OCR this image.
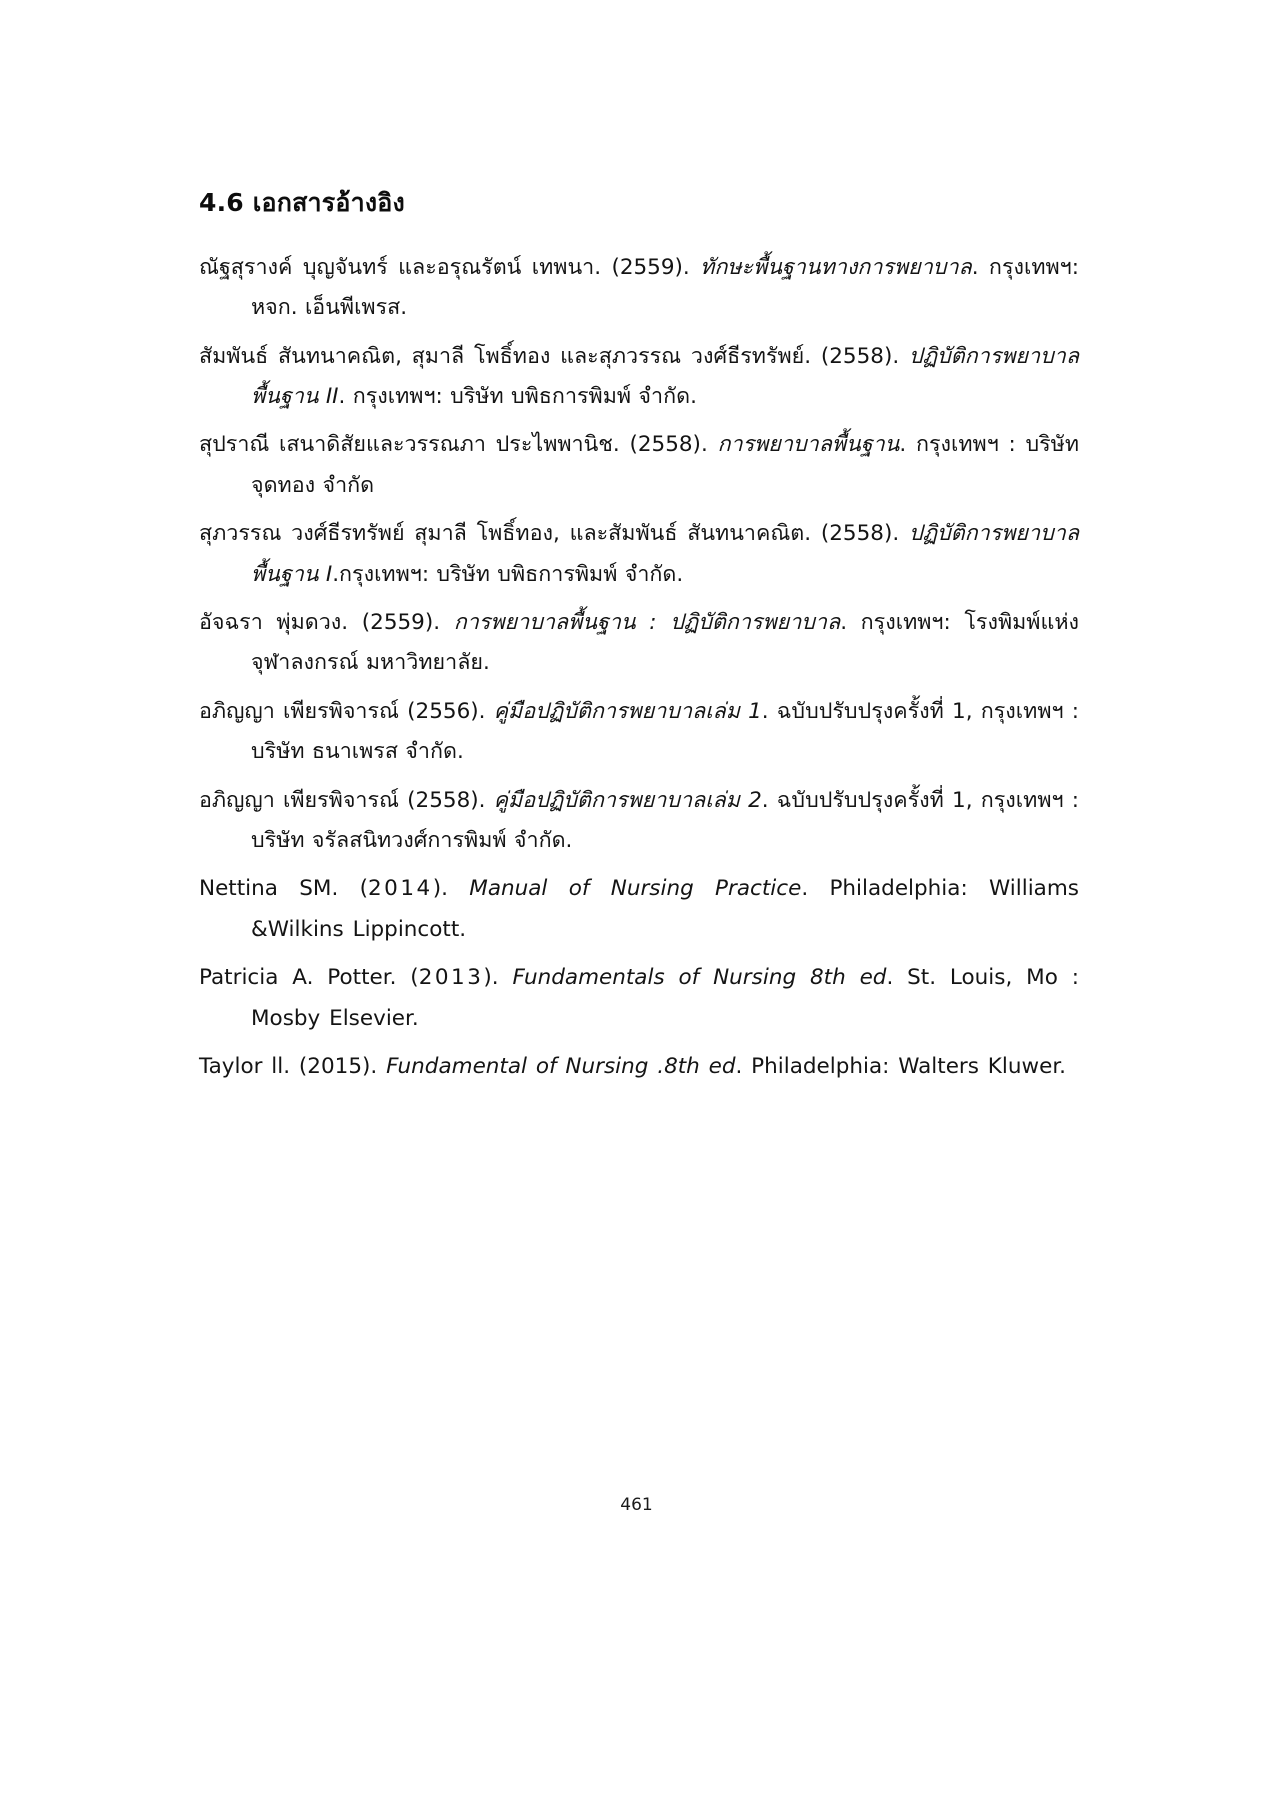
4.6 เอกสารอ้างอิง
ณัฐสุรางค์ บุญจันทร์ และอรุณรัตน์ เทพนา. (2559). ทักษะพื้นฐานทางการพยาบาล. กรุงเทพฯ: หจก. เอ็นพีเพรส.
สัมพันธ์ สันทนาคณิต, สุมาลี โพธิ์ทอง และสุภวรรณ วงศ์ธีรทรัพย์. (2558). ปฏิบัติการพยาบาลพื้นฐาน II. กรุงเทพฯ: บริษัท บพิธการพิมพ์ จำกัด.
สุปราณี เสนาดิสัยและวรรณภา ประไพพานิช. (2558). การพยาบาลพื้นฐาน. กรุงเทพฯ : บริษัท จุดทอง จำกัด
สุภวรรณ วงศ์ธีรทรัพย์ สุมาลี โพธิ์ทอง, และสัมพันธ์ สันทนาคณิต. (2558). ปฏิบัติการพยาบาลพื้นฐาน I.กรุงเทพฯ: บริษัท บพิธการพิมพ์ จำกัด.
อัจฉรา พุ่มดวง. (2559). การพยาบาลพื้นฐาน : ปฏิบัติการพยาบาล. กรุงเทพฯ: โรงพิมพ์แห่งจุฬาลงกรณ์ มหาวิทยาลัย.
อภิญญา เพียรพิจารณ์ (2556). คู่มือปฏิบัติการพยาบาลเล่ม 1. ฉบับปรับปรุงครั้งที่ 1, กรุงเทพฯ : บริษัท ธนาเพรส จำกัด.
อภิญญา เพียรพิจารณ์ (2558). คู่มือปฏิบัติการพยาบาลเล่ม 2. ฉบับปรับปรุงครั้งที่ 1, กรุงเทพฯ : บริษัท จรัลสนิทวงศ์การพิมพ์ จำกัด.
Nettina SM. (2014). Manual of Nursing Practice. Philadelphia: Williams &Wilkins Lippincott.
Patricia A. Potter. (2013). Fundamentals of Nursing 8th ed. St. Louis, Mo : Mosby Elsevier.
Taylor ll. (2015). Fundamental of Nursing .8th ed. Philadelphia: Walters Kluwer.
461
